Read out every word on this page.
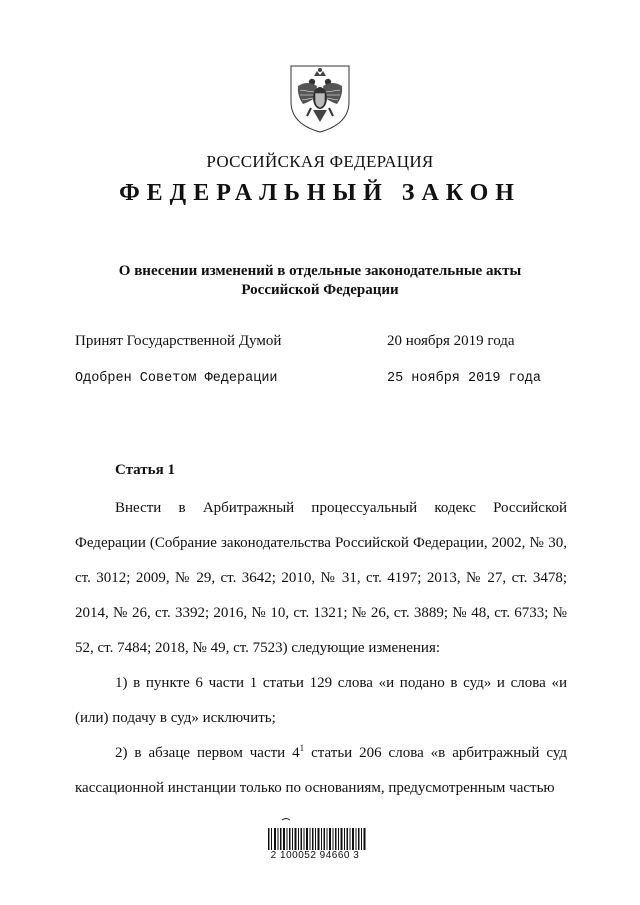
РОССИЙСКАЯ ФЕДЕРАЦИЯ
ФЕДЕРАЛЬНЫЙ ЗАКОН
О внесении изменений в отдельные законодательные акты
Российской Федерации
Принят Государственной Думой	20 ноября 2019 года
Одобрен Советом Федерации	25 ноября 2019 года
Статья 1

Внести в Арбитражный процессуальный кодекс Российской Федерации (Собрание законодательства Российской Федерации, 2002, № 30, ст. 3012; 2009, № 29, ст. 3642; 2010, № 31, ст. 4197; 2013, № 27, ст. 3478; 2014, № 26, ст. 3392; 2016, № 10, ст. 1321; № 26, ст. 3889; № 48, ст. 6733; № 52, ст. 7484; 2018, № 49, ст. 7523) следующие изменения:

1) в пункте 6 части 1 статьи 129 слова «и подано в суд» и слова «и (или) подачу в суд» исключить;

2) в абзаце первом части $4^1$ статьи 206 слова «в арбитражный суд кассационной инстанции только по основаниям, предусмотренным частью

2 100052 94660 3
